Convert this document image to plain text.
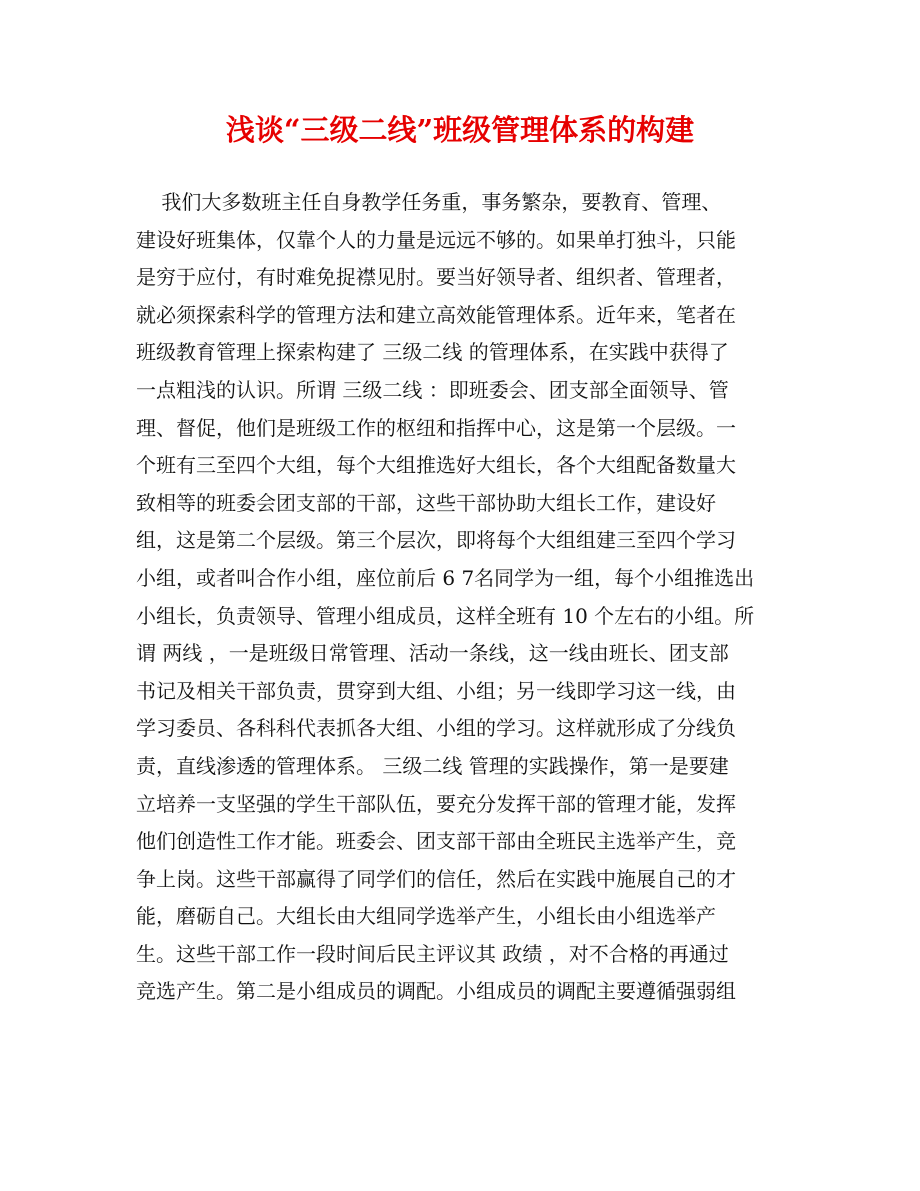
浅谈“三级二线”班级管理体系的构建
我们大多数班主任自身教学任务重，事务繁杂，要教育、管理、
建设好班集体，仅靠个人的力量是远远不够的。如果单打独斗，只能
是穷于应付，有时难免捉襟见肘。要当好领导者、组织者、管理者，
就必须探索科学的管理方法和建立高效能管理体系。近年来，笔者在
班级教育管理上探索构建了 三级二线 的管理体系，在实践中获得了
一点粗浅的认识。所谓 三级二线 ：即班委会、团支部全面领导、管
理、督促，他们是班级工作的枢纽和指挥中心，这是第一个层级。一
个班有三至四个大组，每个大组推选好大组长，各个大组配备数量大
致相等的班委会团支部的干部，这些干部协助大组长工作，建设好
组，这是第二个层级。第三个层次，即将每个大组组建三至四个学习
小组，或者叫合作小组，座位前后 6 7名同学为一组，每个小组推选出
小组长，负责领导、管理小组成员，这样全班有 10 个左右的小组。所
谓 两线 ，一是班级日常管理、活动一条线，这一线由班长、团支部
书记及相关干部负责，贯穿到大组、小组；另一线即学习这一线，由
学习委员、各科科代表抓各大组、小组的学习。这样就形成了分线负
责，直线渗透的管理体系。 三级二线 管理的实践操作，第一是要建
立培养一支坚强的学生干部队伍，要充分发挥干部的管理才能，发挥
他们创造性工作才能。班委会、团支部干部由全班民主选举产生，竞
争上岗。这些干部赢得了同学们的信任，然后在实践中施展自己的才
能，磨砺自己。大组长由大组同学选举产生，小组长由小组选举产
生。这些干部工作一段时间后民主评议其 政绩 ，对不合格的再通过
竞选产生。第二是小组成员的调配。小组成员的调配主要遵循强弱组
